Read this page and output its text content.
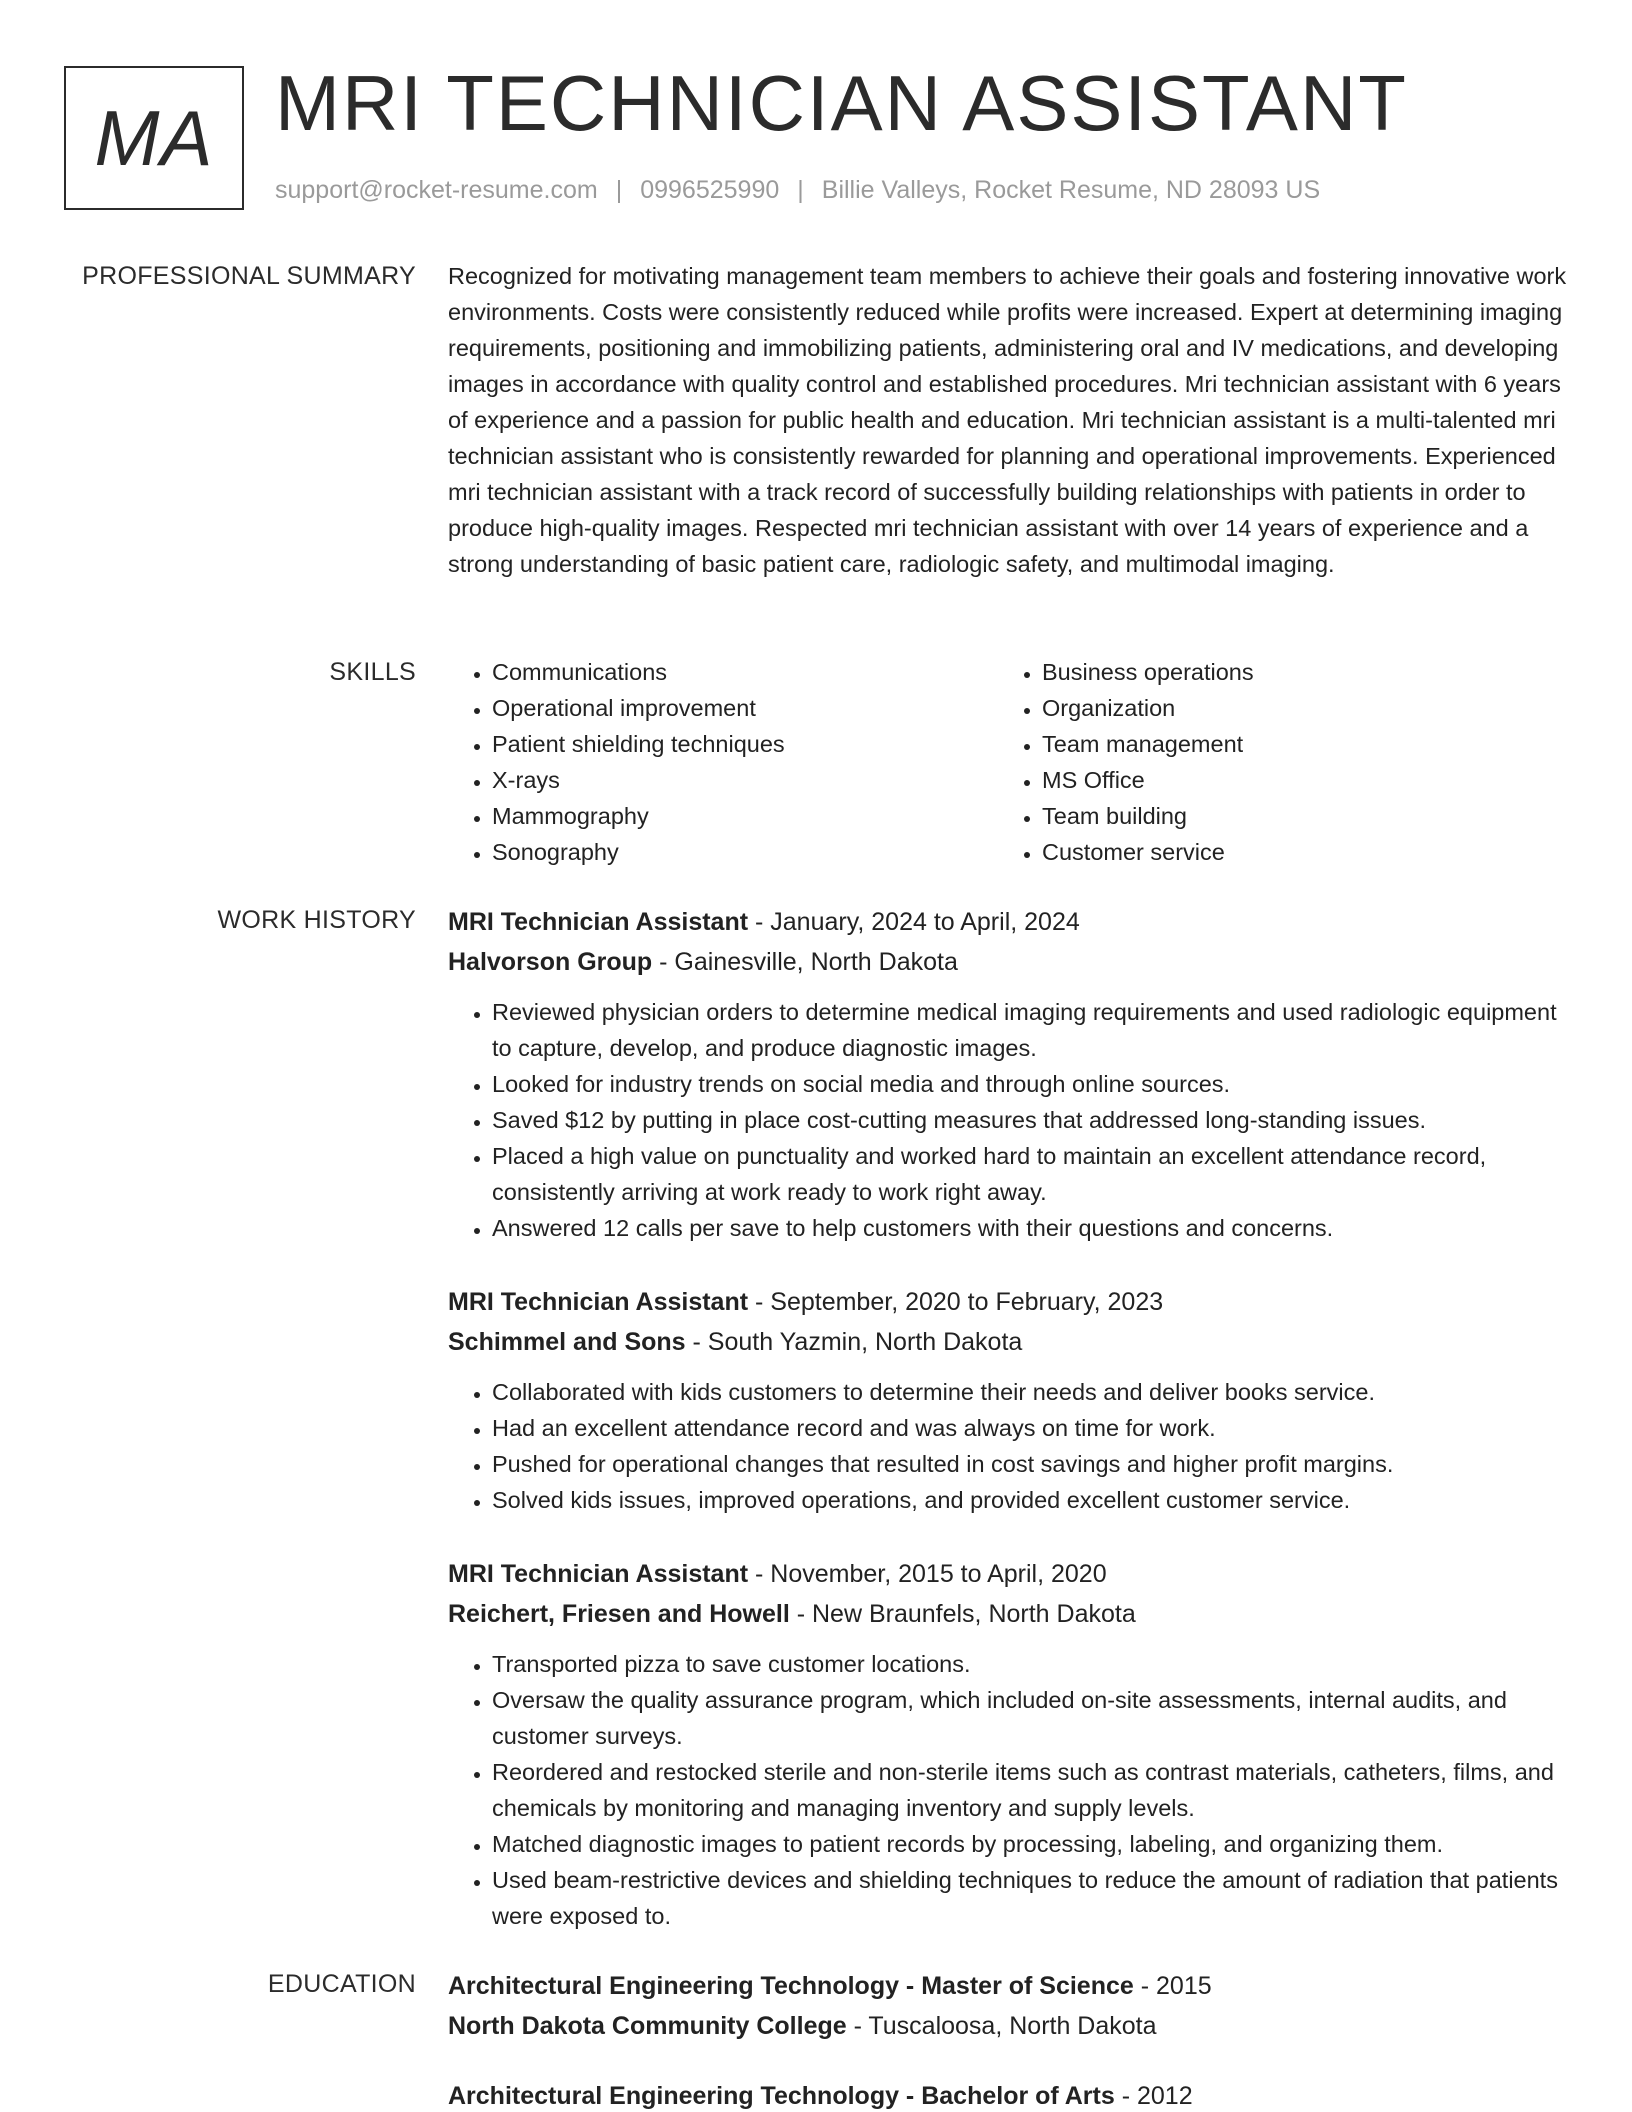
MA MRI TECHNICIAN ASSISTANT
support@rocket-resume.com | 0996525990 | Billie Valleys, Rocket Resume, ND 28093 US
PROFESSIONAL SUMMARY Recognized for motivating management team members to achieve their goals and fostering innovative work environments. Costs were consistently reduced while profits were increased. Expert at determining imaging requirements, positioning and immobilizing patients, administering oral and IV medications, and developing images in accordance with quality control and established procedures. Mri technician assistant with 6 years of experience and a passion for public health and education. Mri technician assistant is a multi-talented mri technician assistant who is consistently rewarded for planning and operational improvements. Experienced mri technician assistant with a track record of successfully building relationships with patients in order to produce high-quality images. Respected mri technician assistant with over 14 years of experience and a strong understanding of basic patient care, radiologic safety, and multimodal imaging.

SKILLS
•	Communications
• Operational improvement
• Patient shielding techniques
• X-rays
• Mammography
• Sonography
• Business operations
• Organization
• Team management
• MS Office
• Team building
• Customer service
WORK HISTORY MRI Technician Assistant - January, 2024 to April, 2024
Halvorson Group - Gainesville, North Dakota
• Reviewed physician orders to determine medical imaging requirements and used radiologic equipment to capture, develop, and produce diagnostic images.
• Looked for industry trends on social media and through online sources.
• Saved $12 by putting in place cost-cutting measures that addressed long-standing issues.
• Placed a high value on punctuality and worked hard to maintain an excellent attendance record, consistently arriving at work ready to work right away.
• Answered 12 calls per save to help customers with their questions and concerns.
MRI Technician Assistant - September, 2020 to February, 2023
Schimmel and Sons - South Yazmin, North Dakota
• Collaborated with kids customers to determine their needs and deliver books service.
• Had an excellent attendance record and was always on time for work.
• Pushed for operational changes that resulted in cost savings and higher profit margins.
• Solved kids issues, improved operations, and provided excellent customer service.
MRI Technician Assistant - November, 2015 to April, 2020
Reichert, Friesen and Howell - New Braunfels, North Dakota
• Transported pizza to save customer locations.
• Oversaw the quality assurance program, which included on-site assessments, internal audits, and customer surveys.
• Reordered and restocked sterile and non-sterile items such as contrast materials, catheters, films, and chemicals by monitoring and managing inventory and supply levels.
• Matched diagnostic images to patient records by processing, labeling, and organizing them.
• Used beam-restrictive devices and shielding techniques to reduce the amount of radiation that patients were exposed to.
EDUCATION Architectural Engineering Technology - Master of Science - 2015
North Dakota Community College - Tuscaloosa, North Dakota
Architectural Engineering Technology - Bachelor of Arts - 2012
